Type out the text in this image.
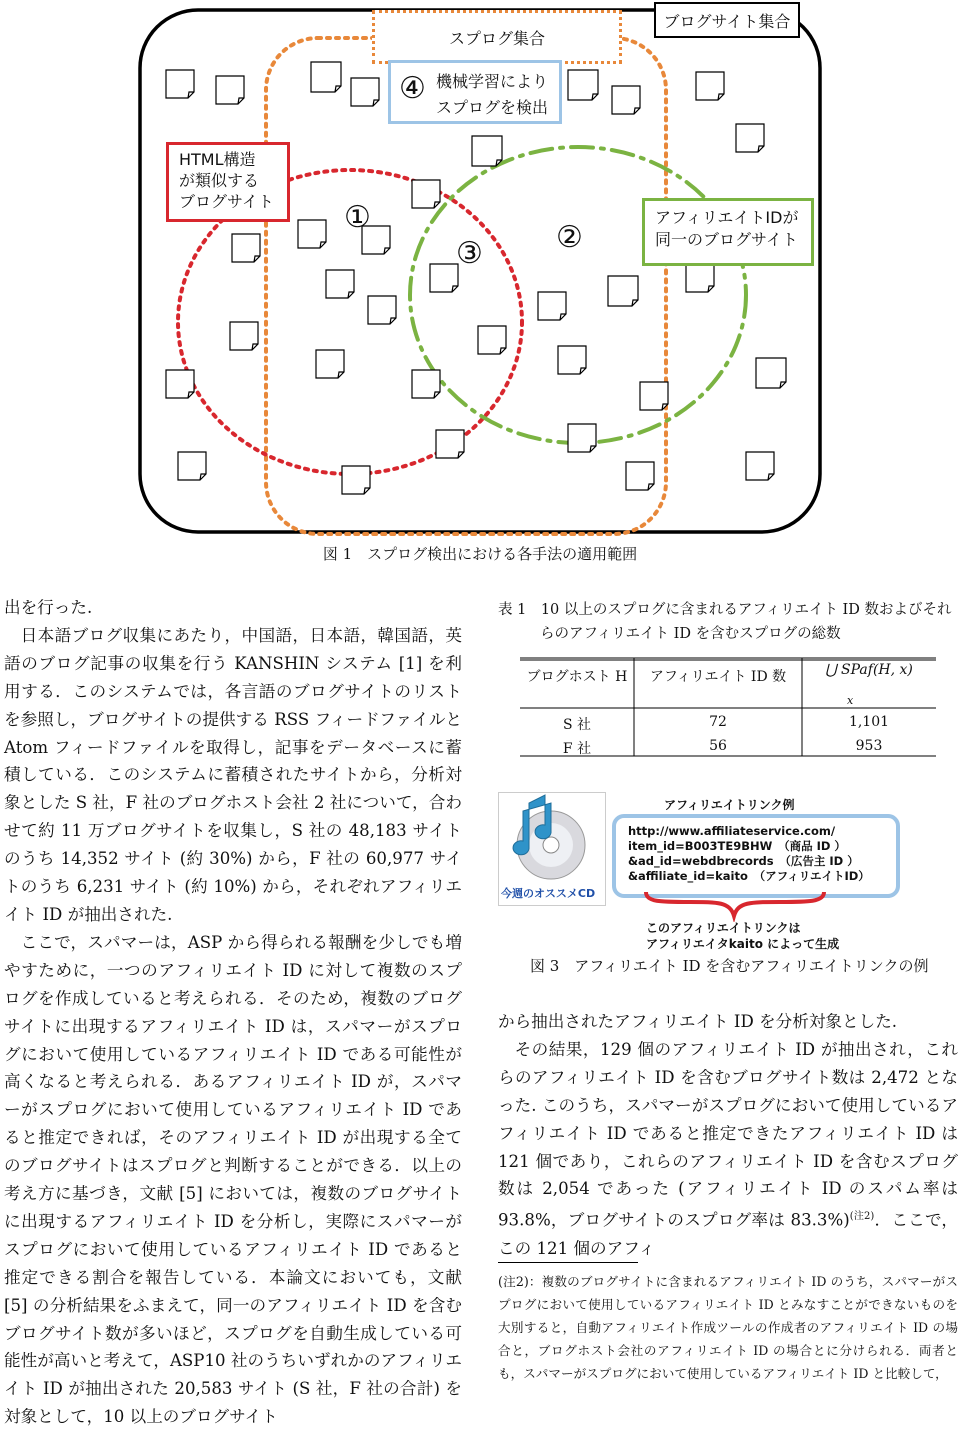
スプログ集合
ブログサイト集合
④ 機械学習により
スプログを検出
HTML構造
が類似する
ブログサイト
アフィリエイトIDが
同一のブログサイト
①
②
③
図 1　スプログ検出における各手法の適用範囲

出を行った.

日本語ブログ収集にあたり，中国語，日本語，韓国語，英語のブログ記事の収集を行う KANSHIN システム [1] を利用する．このシステムでは，各言語のブログサイトのリストを参照し，ブログサイトの提供する RSS フィードファイルと Atom フィードファイルを取得し，記事をデータベースに蓄積している．このシステムに蓄積されたサイトから，分析対象とした S 社，F 社のブログホスト会社 2 社について，合わせて約 11 万ブログサイトを収集し，S 社の 48,183 サイトのうち 14,352 サイト (約 30%) から，F 社の 60,977 サイトのうち 6,231 サイト (約 10%) から，それぞれアフィリエイト ID が抽出された.

ここで，スパマーは，ASP から得られる報酬を少しでも増やすために，一つのアフィリエイト ID に対して複数のスプログを作成していると考えられる．そのため，複数のブログサイトに出現するアフィリエイト ID は，スパマーがスプログにおいて使用しているアフィリエイト ID である可能性が高くなると考えられる．あるアフィリエイト ID が，スパマーがスプログにおいて使用しているアフィリエイト ID であると推定できれば，そのアフィリエイト ID が出現する全てのブログサイトはスプログと判断することができる．以上の考え方に基づき，文献 [5] においては，複数のブログサイトに出現するアフィリエイト ID を分析し，実際にスパマーがスプログにおいて使用しているアフィリエイト ID であると推定できる割合を報告している．本論文においても，文献 [5] の分析結果をふまえて，同一のアフィリエイト ID を含むブログサイト数が多いほど，スプログを自動生成している可能性が高いと考えて，ASP10 社のうちいずれかのアフィリエイト ID が抽出された 20,583 サイト (S 社，F 社の合計) を対象として，10 以上のブログサイト

表 1　10 以上のスプログに含まれるアフィリエイト ID 数およびそれ
らのアフィリエイト ID を含むスプログの総数
ブログホスト H	アフィリエイト ID 数	⋃ SPaf(H, x)
x
S 社	72	1,101
F 社	56	953
今週のオススメCD
アフィリエイトリンク例
http://www.affiliateservice.com/
item_id=B003TE9BHW　（商品 ID ）
&ad_id=webdbrecords　（広告主 ID ）
&affiliate_id=kaito　（アフィリエイトID）
このアフィリエイトリンクは
アフィリエイタkaito によって生成
図 3　アフィリエイト ID を含むアフィリエイトリンクの例

から抽出されたアフィリエイト ID を分析対象とした.

その結果，129 個のアフィリエイト ID が抽出され，これらのアフィリエイト ID を含むブログサイト数は 2,472 となった. このうち，スパマーがスプログにおいて使用しているアフィリエイト ID であると推定できたアフィリエイト ID は 121 個であり，これらのアフィリエイト ID を含むスプログ数は 2,054 であった (アフィリエイト ID のスパム率は 93.8%，ブログサイトのスプログ率は 83.3%)$^{(注2)}$．ここで，この 121 個のアフィ

(注2)：複数のブログサイトに含まれるアフィリエイト ID のうち，スパマーがスプログにおいて使用しているアフィリエイト ID とみなすことができないものを大別すると，自動アフィリエイト作成ツールの作成者のアフィリエイト ID の場合と，ブログホスト会社のアフィリエイト ID の場合とに分けられる．両者とも，スパマーがスプログにおいて使用しているアフィリエイト ID と比較して，
